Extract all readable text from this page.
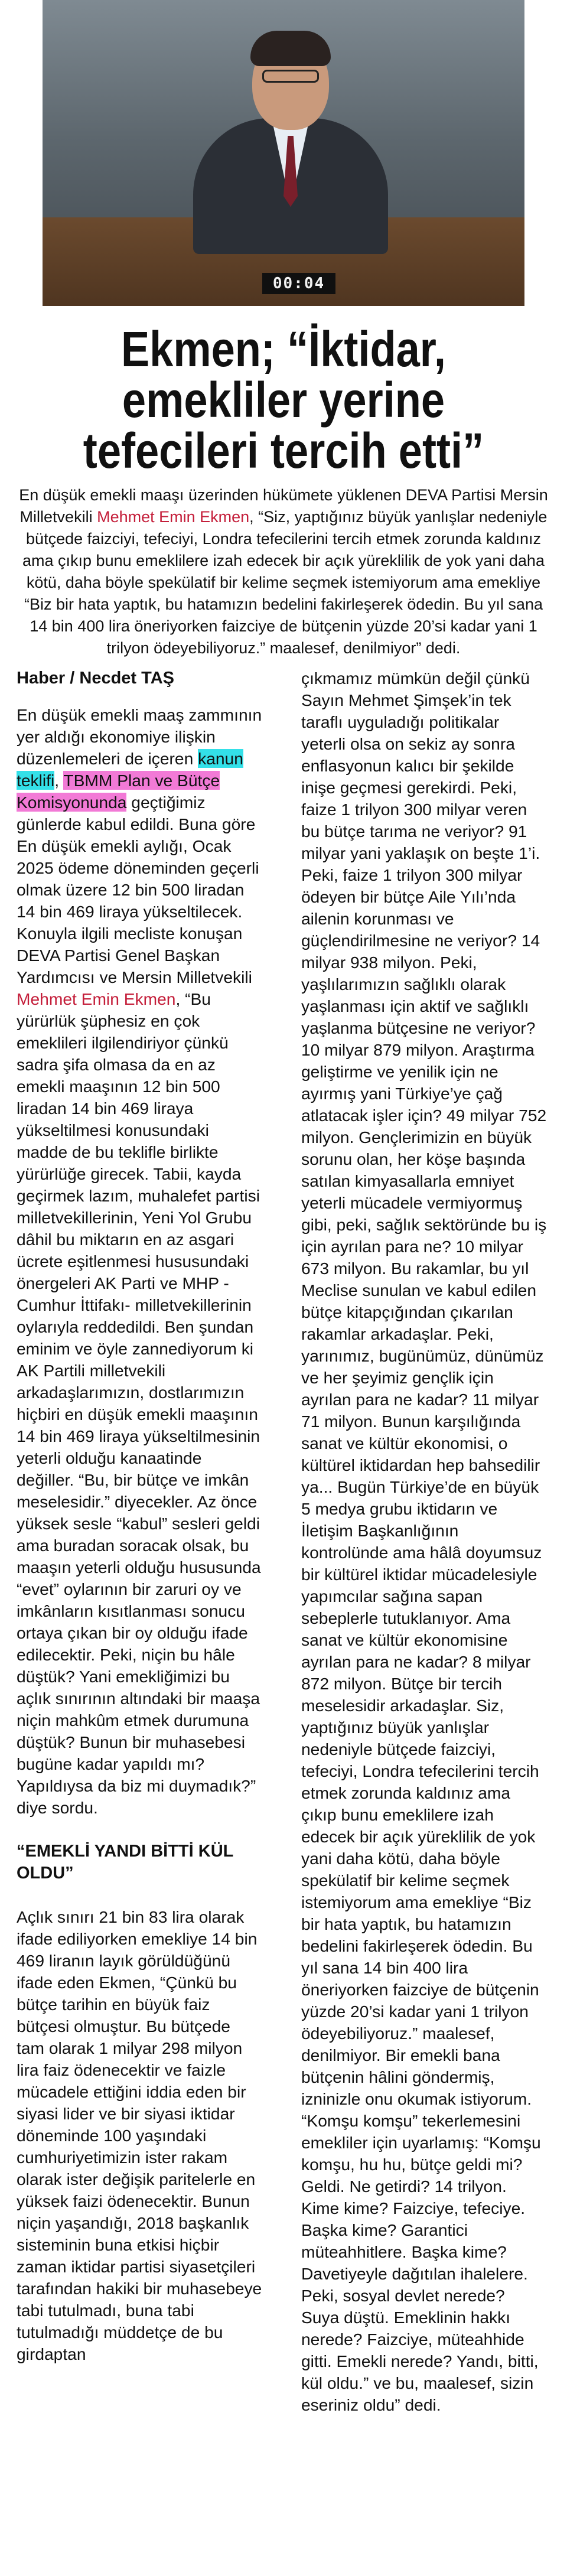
00:04
Ekmen; “İktidar,
emekliler yerine
tefecileri tercih etti”
En düşük emekli maaşı üzerinden hükümete yüklenen DEVA Partisi Mersin Milletvekili Mehmet Emin Ekmen, “Siz, yaptığınız büyük yanlışlar nedeniyle bütçede faizciyi, tefeciyi, Londra tefecilerini tercih etmek zorunda kaldınız ama çıkıp bunu emeklilere izah edecek bir açık yüreklilik de yok yani daha kötü, daha böyle spekülatif bir kelime seçmek istemiyorum ama emekliye “Biz bir hata yaptık, bu hatamızın bedelini fakirleşerek ödedin. Bu yıl sana 14 bin 400 lira öneriyorken faizciye de bütçenin yüzde 20’si kadar yani 1 trilyon ödeyebiliyoruz.” maalesef, denilmiyor” dedi.
Haber / Necdet TAŞ

En düşük emekli maaş zammının yer aldığı ekonomiye ilişkin düzenlemeleri de içeren kanun teklifi, TBMM Plan ve Bütçe Komisyonunda geçtiğimiz günlerde kabul edildi. Buna göre En düşük emekli aylığı, Ocak 2025 ödeme döneminden geçerli olmak üzere 12 bin 500 liradan 14 bin 469 liraya yükseltilecek. Konuyla ilgili mecliste konuşan DEVA Partisi Genel Başkan Yardımcısı ve Mersin Milletvekili Mehmet Emin Ekmen, “Bu yürürlük şüphesiz en çok emeklileri ilgilendiriyor çünkü sadra şifa olmasa da en az emekli maaşının 12 bin 500 liradan 14 bin 469 liraya yükseltilmesi konusundaki madde de bu teklifle birlikte yürürlüğe girecek. Tabii, kayda geçirmek lazım, muhalefet partisi milletvekillerinin, Yeni Yol Grubu dâhil bu miktarın en az asgari ücrete eşitlenmesi hususundaki önergeleri AK Parti ve MHP -Cumhur İttifakı- milletvekillerinin oylarıyla reddedildi. Ben şundan eminim ve öyle zannediyorum ki AK Partili milletvekili arkadaşlarımızın, dostlarımızın hiçbiri en düşük emekli maaşının 14 bin 469 liraya yükseltilmesinin yeterli olduğu kanaatinde değiller. “Bu, bir bütçe ve imkân meselesidir.” diyecekler. Az önce yüksek sesle “kabul” sesleri geldi ama buradan soracak olsak, bu maaşın yeterli olduğu hususunda “evet” oylarının bir zaruri oy ve imkânların kısıtlanması sonucu ortaya çıkan bir oy olduğu ifade edilecektir. Peki, niçin bu hâle düştük? Yani emekliğimizi bu açlık sınırının altındaki bir maaşa niçin mahkûm etmek durumuna düştük? Bunun bir muhasebesi bugüne kadar yapıldı mı? Yapıldıysa da biz mi duymadık?” diye sordu.

“EMEKLİ YANDI BİTTİ KÜL OLDU”

Açlık sınırı 21 bin 83 lira olarak ifade ediliyorken emekliye 14 bin 469 liranın layık görüldüğünü ifade eden Ekmen, “Çünkü bu bütçe tarihin en büyük faiz bütçesi olmuştur. Bu bütçede tam olarak 1 milyar 298 milyon lira faiz ödenecektir ve faizle mücadele ettiğini iddia eden bir siyasi lider ve bir siyasi iktidar döneminde 100 yaşındaki cumhuriyetimizin ister rakam olarak ister değişik paritelerle en yüksek faizi ödenecektir. Bunun niçin yaşandığı, 2018 başkanlık sisteminin buna etkisi hiçbir zaman iktidar partisi siyasetçileri tarafından hakiki bir muhasebeye tabi tutulmadı, buna tabi tutulmadığı müddetçe de bu girdaptan

çıkmamız mümkün değil çünkü Sayın Mehmet Şimşek’in tek taraflı uyguladığı politikalar yeterli olsa on sekiz ay sonra enflasyonun kalıcı bir şekilde inişe geçmesi gerekirdi. Peki, faize 1 trilyon 300 milyar veren bu bütçe tarıma ne veriyor? 91 milyar yani yaklaşık on beşte 1’i. Peki, faize 1 trilyon 300 milyar ödeyen bir bütçe Aile Yılı’nda ailenin korunması ve güçlendirilmesine ne veriyor? 14 milyar 938 milyon. Peki, yaşlılarımızın sağlıklı olarak yaşlanması için aktif ve sağlıklı yaşlanma bütçesine ne veriyor? 10 milyar 879 milyon. Araştırma geliştirme ve yenilik için ne ayırmış yani Türkiye’ye çağ atlatacak işler için? 49 milyar 752 milyon. Gençlerimizin en büyük sorunu olan, her köşe başında satılan kimyasallarla emniyet yeterli mücadele vermiyormuş gibi, peki, sağlık sektöründe bu iş için ayrılan para ne? 10 milyar 673 milyon. Bu rakamlar, bu yıl Meclise sunulan ve kabul edilen bütçe kitapçığından çıkarılan rakamlar arkadaşlar. Peki, yarınımız, bugünümüz, dünümüz ve her şeyimiz gençlik için ayrılan para ne kadar? 11 milyar 71 milyon. Bunun karşılığında sanat ve kültür ekonomisi, o kültürel iktidardan hep bahsedilir ya... Bugün Türkiye’de en büyük 5 medya grubu iktidarın ve İletişim Başkanlığının kontrolünde ama hâlâ doyumsuz bir kültürel iktidar mücadelesiyle yapımcılar sağına sapan sebeplerle tutuklanıyor. Ama sanat ve kültür ekonomisine ayrılan para ne kadar? 8 milyar 872 milyon. Bütçe bir tercih meselesidir arkadaşlar. Siz, yaptığınız büyük yanlışlar nedeniyle bütçede faizciyi, tefeciyi, Londra tefecilerini tercih etmek zorunda kaldınız ama çıkıp bunu emeklilere izah edecek bir açık yüreklilik de yok yani daha kötü, daha böyle spekülatif bir kelime seçmek istemiyorum ama emekliye “Biz bir hata yaptık, bu hatamızın bedelini fakirleşerek ödedin. Bu yıl sana 14 bin 400 lira öneriyorken faizciye de bütçenin yüzde 20’si kadar yani 1 trilyon ödeyebiliyoruz.” maalesef, denilmiyor. Bir emekli bana bütçenin hâlini göndermiş, izninizle onu okumak istiyorum. “Komşu komşu” tekerlemesini emekliler için uyarlamış: “Komşu komşu, hu hu, bütçe geldi mi? Geldi. Ne getirdi? 14 trilyon. Kime kime? Faizciye, tefeciye. Başka kime? Garantici müteahhitlere. Başka kime? Davetiyeyle dağıtılan ihalelere. Peki, sosyal devlet nerede? Suya düştü. Emeklinin hakkı nerede? Faizciye, müteahhide gitti. Emekli nerede? Yandı, bitti, kül oldu.” ve bu, maalesef, sizin eseriniz oldu” dedi.
